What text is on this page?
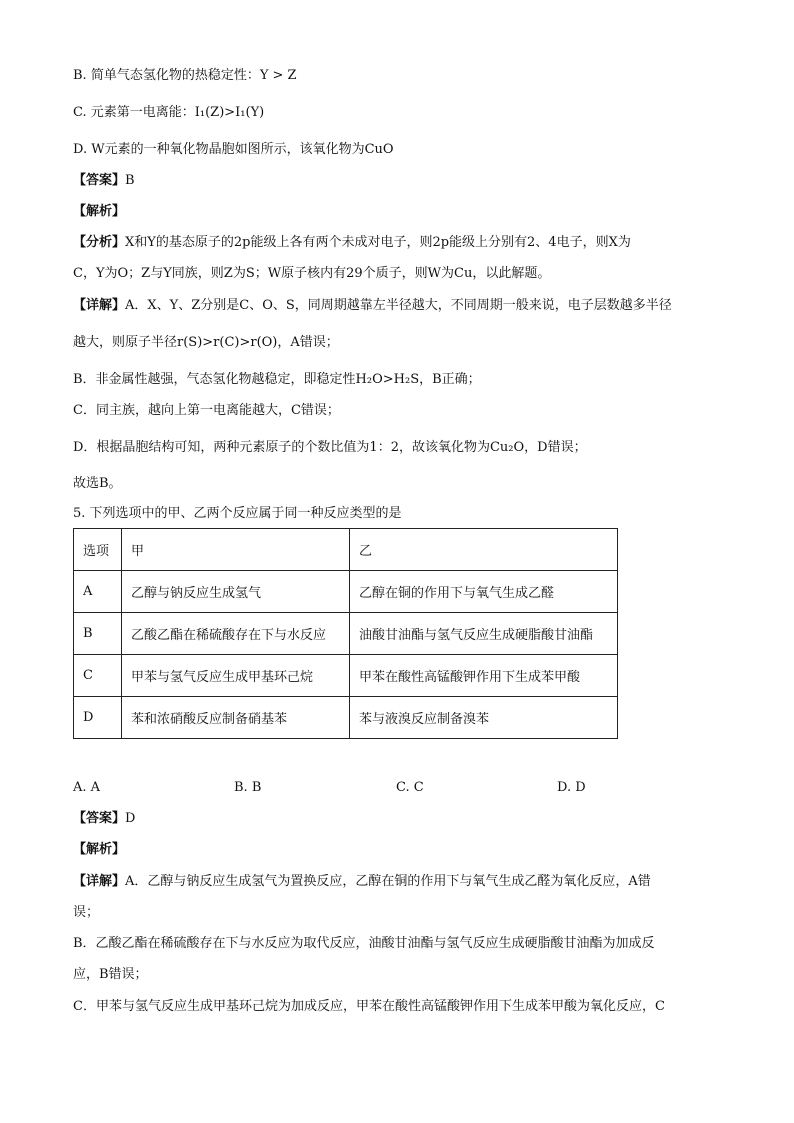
B. 简单气态氢化物的热稳定性：Y > Z
C. 元素第一电离能：I₁(Z)>I₁(Y)
D. W元素的一种氧化物晶胞如图所示，该氧化物为CuO
【答案】B
【解析】
【分析】X和Y的基态原子的2p能级上各有两个未成对电子，则2p能级上分别有2、4电子，则X为
C，Y为O；Z与Y同族，则Z为S；W原子核内有29个质子，则W为Cu，以此解题。
【详解】A．X、Y、Z分别是C、O、S，同周期越靠左半径越大，不同周期一般来说，电子层数越多半径
越大，则原子半径r(S)>r(C)>r(O)，A错误；
B．非金属性越强，气态氢化物越稳定，即稳定性H₂O>H₂S，B正确；
C．同主族，越向上第一电离能越大，C错误；
D．根据晶胞结构可知，两种元素原子的个数比值为1：2，故该氧化物为Cu₂O，D错误；
故选B。
5. 下列选项中的甲、乙两个反应属于同一种反应类型的是
选项	甲	乙
A	乙醇与钠反应生成氢气	乙醇在铜的作用下与氧气生成乙醛
B	乙酸乙酯在稀硫酸存在下与水反应	油酸甘油酯与氢气反应生成硬脂酸甘油酯
C	甲苯与氢气反应生成甲基环己烷	甲苯在酸性高锰酸钾作用下生成苯甲酸
D	苯和浓硝酸反应制备硝基苯	苯与液溴反应制备溴苯
A. A	B. B	C. C	D. D
【答案】D
【解析】
【详解】A．乙醇与钠反应生成氢气为置换反应，乙醇在铜的作用下与氧气生成乙醛为氧化反应，A错
误；
B．乙酸乙酯在稀硫酸存在下与水反应为取代反应，油酸甘油酯与氢气反应生成硬脂酸甘油酯为加成反
应，B错误；
C．甲苯与氢气反应生成甲基环己烷为加成反应，甲苯在酸性高锰酸钾作用下生成苯甲酸为氧化反应，C
